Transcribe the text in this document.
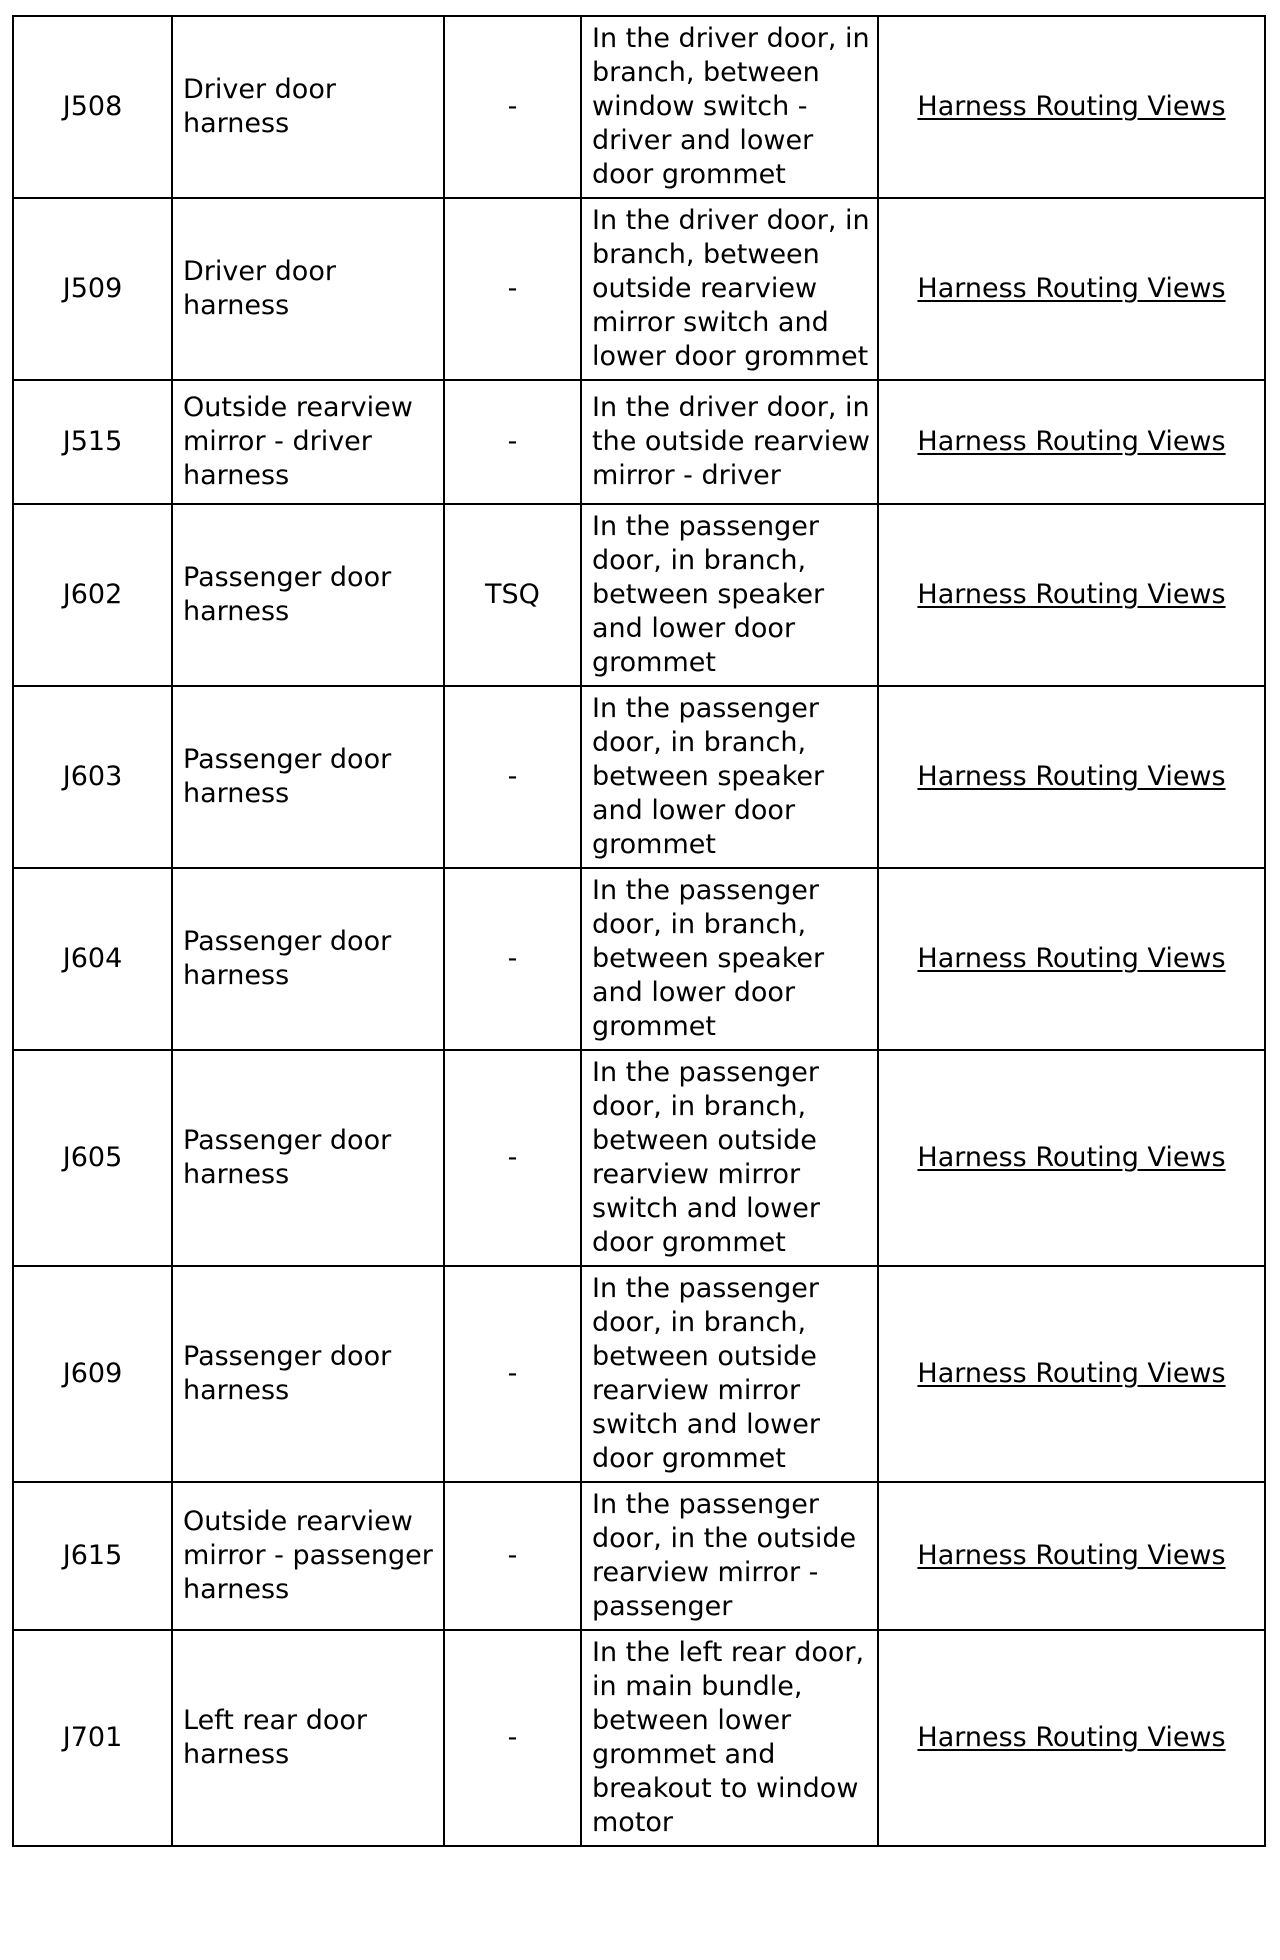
J508	Driver door harness	-	In the driver door, in branch, between window switch - driver and lower door grommet	Harness Routing Views
J509	Driver door harness	-	In the driver door, in branch, between outside rearview mirror switch and lower door grommet	Harness Routing Views
J515	Outside rearview mirror - driver harness	-	In the driver door, in the outside rearview mirror - driver	Harness Routing Views
J602	Passenger door harness	TSQ	In the passenger door, in branch, between speaker and lower door grommet	Harness Routing Views
J603	Passenger door harness	-	In the passenger door, in branch, between speaker and lower door grommet	Harness Routing Views
J604	Passenger door harness	-	In the passenger door, in branch, between speaker and lower door grommet	Harness Routing Views
J605	Passenger door harness	-	In the passenger door, in branch, between outside rearview mirror switch and lower door grommet	Harness Routing Views
J609	Passenger door harness	-	In the passenger door, in branch, between outside rearview mirror switch and lower door grommet	Harness Routing Views
J615	Outside rearview mirror - passenger harness	-	In the passenger door, in the outside rearview mirror - passenger	Harness Routing Views
J701	Left rear door harness	-	In the left rear door, in main bundle, between lower grommet and breakout to window motor	Harness Routing Views
